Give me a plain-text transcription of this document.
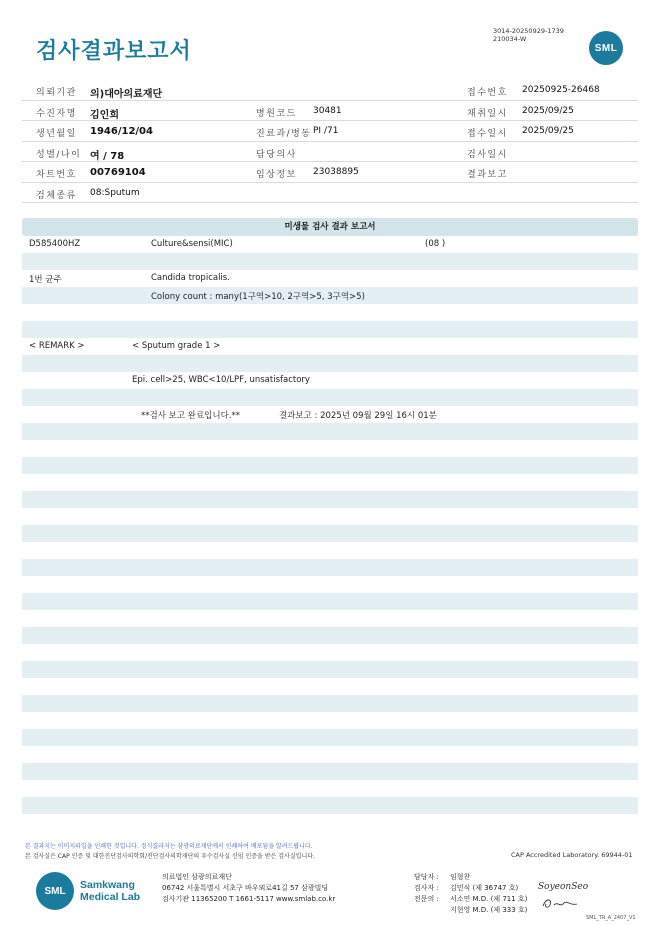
3014-20250929-1739
210034-W
검사결과보고서	SML
의뢰기관 의)대아의료재단	접수번호 20250925-26468
수진자명 김인희	병원코드 30481	채취일시 2025/09/25
생년월일 1946/12/04	진료과/병동 PI /71	접수일시 2025/09/25
성별/나이 여 / 78	담당의사	검사일시
차트번호 00769104	임상정보 23038895	결과보고
검체종류 08:Sputum
미생물 검사 결과 보고서
D585400HZ	Culture&sensi(MIC)	(08 )
1번 균주	Candida tropicalis.
Colony count : many(1구역>10, 2구역>5, 3구역>5)
< REMARK >	< Sputum grade 1 >
Epi. cell>25, WBC<10/LPF, unsatisfactory
**검사 보고 완료입니다.**	결과보고 : 2025년 09월 29일 16시 01분
본 결과지는 이미지파일을 인쇄한 것입니다. 정식결과지는 삼광의료재단에서 인쇄하여 배포됨을 알려드립니다.
본 검사실은 CAP 인증 및 대한진단검사의학회/진단검사의학재단의 우수검사실 신임 인증을 받은 검사실입니다.	CAP Accredited Laboratory. 69944-01
SML Samkwang
Medical Lab
의료법인 삼광의료재단
06742 서울특별시 서초구 바우뫼로41길 57 삼광빌딩
검사기관 11365200 T 1661-5117 www.smlab.co.kr
담당자 :	임형찬
검사자 :	김민식 (제 36747 호)
전문의 :	서소연 M.D. (제 711 호)
지현영 M.D. (제 333 호)
SoyeonSeo
SML_TR_A_2407_V1
